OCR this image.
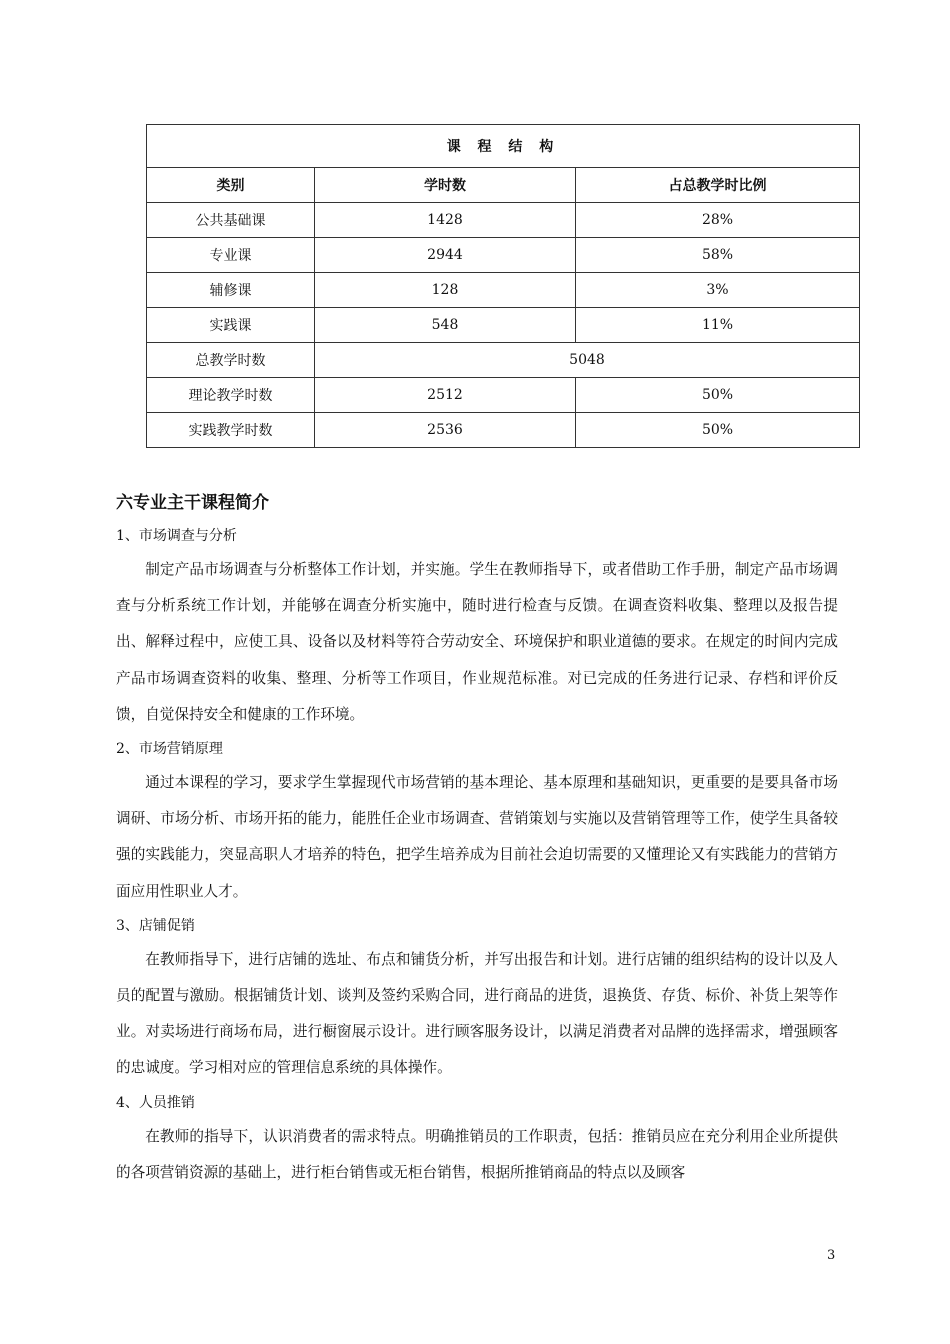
课 程 结 构		
类别	学时数	占总教学时比例
公共基础课	1428	28%
专业课	2944	58%
辅修课	128	3%
实践课	548	11%
总教学时数	5048	
理论教学时数	2512	50%
实践教学时数	2536	50%
六专业主干课程简介
1、市场调查与分析

制定产品市场调查与分析整体工作计划，并实施。学生在教师指导下，或者借助工作手册，制定产品市场调查与分析系统工作计划，并能够在调查分析实施中，随时进行检查与反馈。在调查资料收集、整理以及报告提出、解释过程中，应使工具、设备以及材料等符合劳动安全、环境保护和职业道德的要求。在规定的时间内完成产品市场调查资料的收集、整理、分析等工作项目，作业规范标准。对已完成的任务进行记录、存档和评价反馈，自觉保持安全和健康的工作环境。

2、市场营销原理

通过本课程的学习，要求学生掌握现代市场营销的基本理论、基本原理和基础知识，更重要的是要具备市场调研、市场分析、市场开拓的能力，能胜任企业市场调查、营销策划与实施以及营销管理等工作，使学生具备较强的实践能力，突显高职人才培养的特色，把学生培养成为目前社会迫切需要的又懂理论又有实践能力的营销方面应用性职业人才。

3、店铺促销

在教师指导下，进行店铺的选址、布点和铺货分析，并写出报告和计划。进行店铺的组织结构的设计以及人员的配置与激励。根据铺货计划、谈判及签约采购合同，进行商品的进货，退换货、存货、标价、补货上架等作业。对卖场进行商场布局，进行橱窗展示设计。进行顾客服务设计，以满足消费者对品牌的选择需求，增强顾客的忠诚度。学习相对应的管理信息系统的具体操作。

4、人员推销

在教师的指导下，认识消费者的需求特点。明确推销员的工作职责，包括：推销员应在充分利用企业所提供的各项营销资源的基础上，进行柜台销售或无柜台销售，根据所推销商品的特点以及顾客

3
